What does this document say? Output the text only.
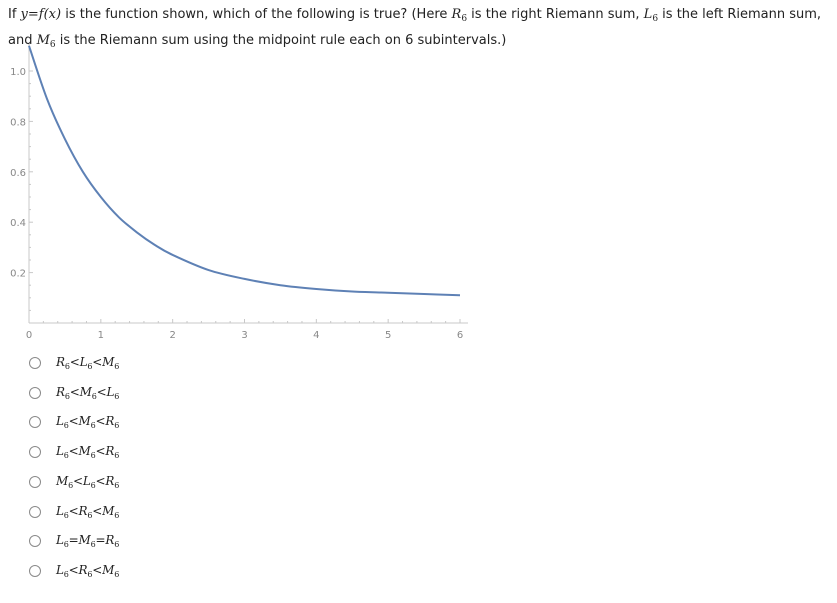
If y=f(x) is the function shown, which of the following is true? (Here $R_6$ is the right Riemann sum, $L_6$ is the left Riemann sum, and $M_6$ is the Riemann sum using the midpoint rule each on 6 subintervals.)
0	1	2	3	4	5	6
0.2
0.4
0.6
0.8
1.0
$R_6<L_6<M_6$
$R_6<M_6<L_6$
$L_6<M_6<R_6$
$L_6<M_6<R_6$
$M_6<L_6<R_6$
$L_6<R_6<M_6$
$L_6=M_6=R_6$
$L_6<R_6<M_6$
